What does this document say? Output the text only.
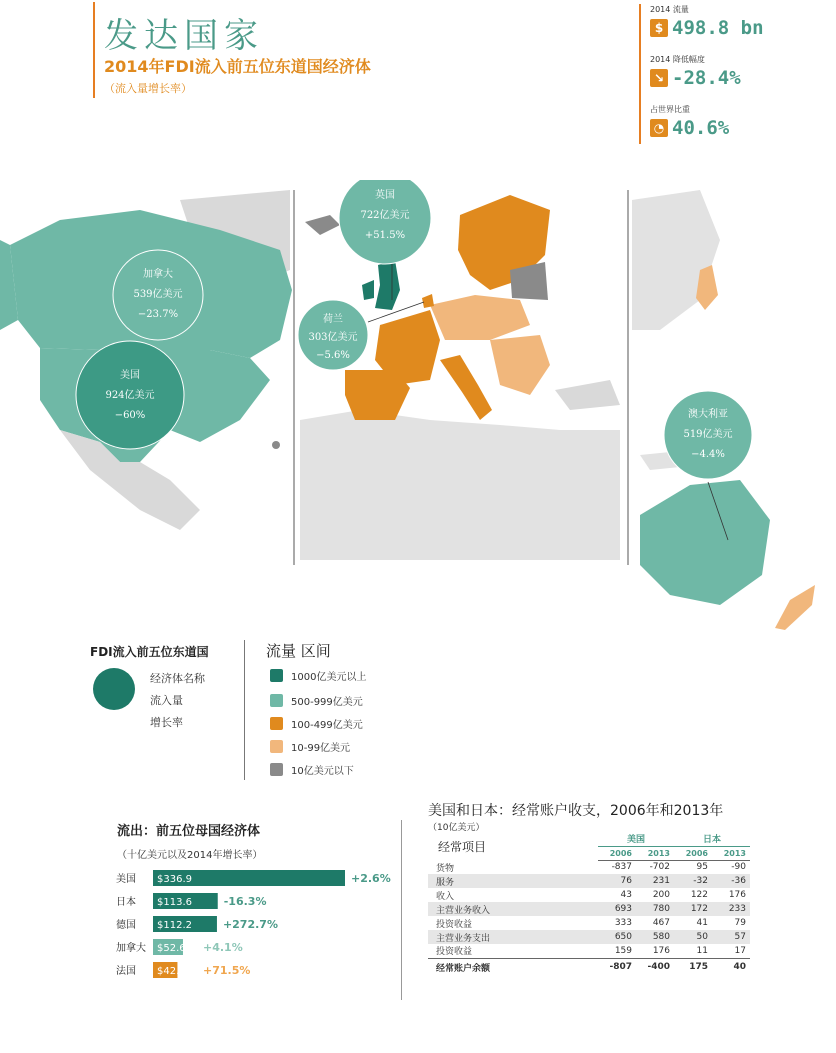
发达国家
2014年FDI流入前五位东道国经济体
（流入量增长率）
2014 流量
$ 498.8 bn
2014 降低幅度
↘ -28.4%
占世界比重
◔ 40.6%
加拿大
539亿美元
−23.7%
美国
924亿美元
−60%
英国
722亿美元
+51.5%
荷兰
303亿美元
−5.6%
澳大利亚
519亿美元
−4.4%
FDI流入前五位东道国
经济体名称
流入量
增长率
流量 区间
1000亿美元以上
500-999亿美元
100-499亿美元
10-99亿美元
10亿美元以下
流出：前五位母国经济体
（十亿美元以及2014年增长率）
美国 $336.9	+2.6%
日本 $113.6	-16.3%
德国 $112.2	+272.7%
加拿大 $52.6 +4.1%
法国 $42.9 +71.5%
美国和日本：经常账户收支，2006年和2013年
（10亿美元）
经常项目	美国		日本	
	2006	2013	2006	2013
货物	-837	-702	95	-90
服务	76	231	-32	-36
收入	43	200	122	176
主营业务收入	693	780	172	233
投资收益	333	467	41	79
主营业务支出	650	580	50	57
投资收益	159	176	11	17
经常账户余额	-807	-400	175	40
